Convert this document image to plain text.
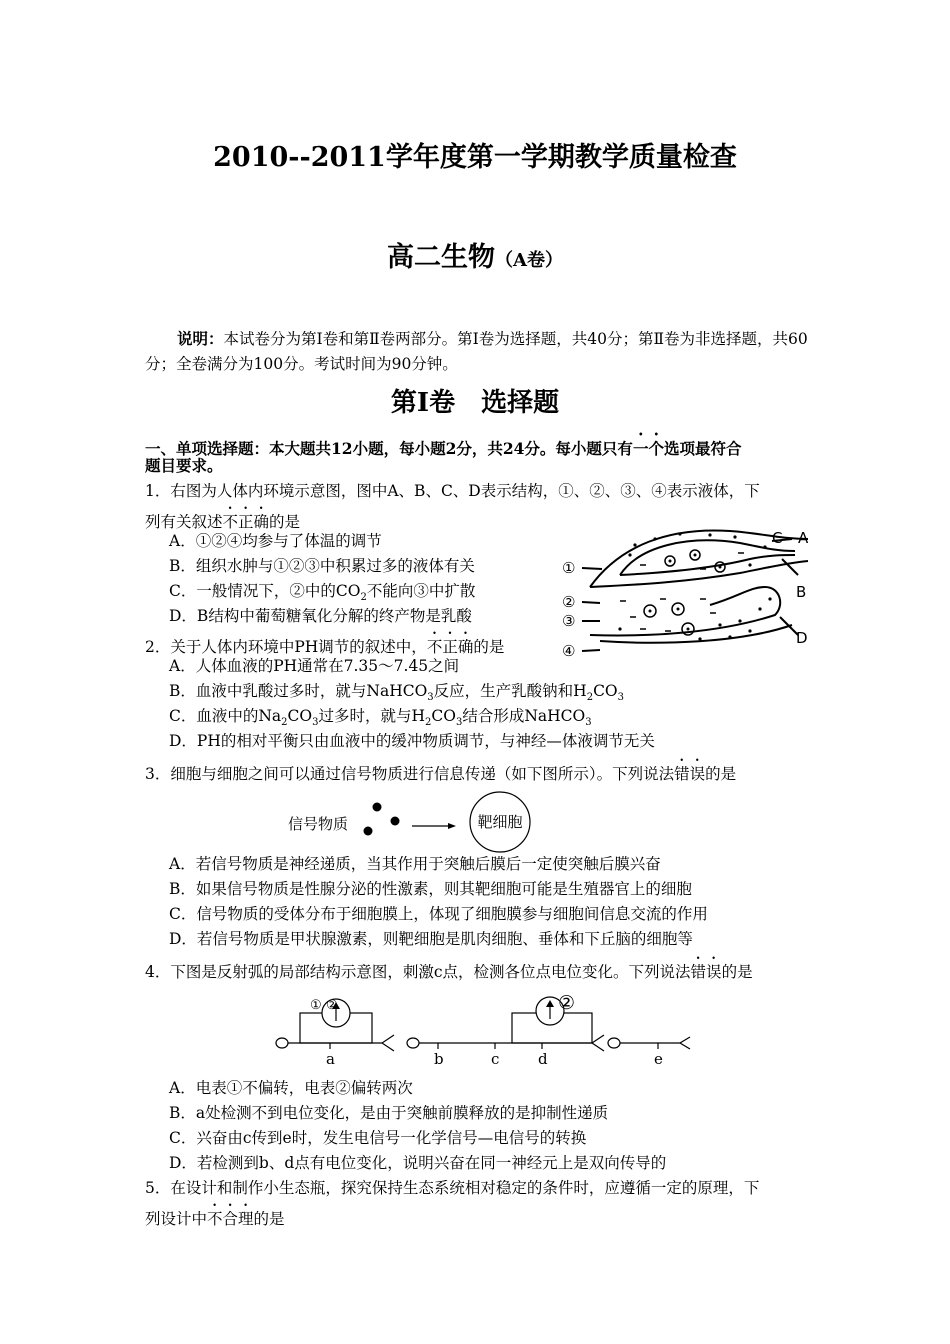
2010--2011学年度第一学期教学质量检查
高二生物（A卷）
说明：本试卷分为第Ⅰ卷和第Ⅱ卷两部分。第Ⅰ卷为选择题，共40分；第Ⅱ卷为非选择题，共60分；全卷满分为100分。考试时间为90分钟。
第Ⅰ卷　选择题
一、单项选择题：本大题共12小题，每小题2分，共24分。每小题只有一个选项最符合
题目要求。
1．右图为人体内环境示意图，图中A、B、C、D表示结构，①、②、③、④表示液体，下
列有关叙述不正确的是
A．①②④均参与了体温的调节
B．组织水肿与①②③中积累过多的液体有关
C．一般情况下，②中的$CO_2$不能向③中扩散
D．B结构中葡萄糖氧化分解的终产物是乳酸
①
②
③
④
C A
B
D
2．关于人体内环境中PH调节的叙述中，不正确的是
A．人体血液的PH通常在7.35～7.45之间
B．血液中乳酸过多时，就与NaHCO$_3$反应，生产乳酸钠和$H_2CO_3$
C．血液中的$Na_2CO_3$过多时，就与$H_2CO_3$结合形成NaHCO$_3$
D．PH的相对平衡只由血液中的缓冲物质调节，与神经—体液调节无关
3．细胞与细胞之间可以通过信号物质进行信息传递（如下图所示）。下列说法错误的是
信号物质	靶细胞
A．若信号物质是神经递质，当其作用于突触后膜后一定使突触后膜兴奋
B．如果信号物质是性腺分泌的性激素，则其靶细胞可能是生殖器官上的细胞
C．信号物质的受体分布于细胞膜上，体现了细胞膜参与细胞间信息交流的作用
D．若信号物质是甲状腺激素，则靶细胞是肌肉细胞、垂体和下丘脑的细胞等
4．下图是反射弧的局部结构示意图，刺激c点，检测各位点电位变化。下列说法错误的是
① ②	②
a	b	c	d	e
A．电表①不偏转，电表②偏转两次
B．a处检测不到电位变化，是由于突触前膜释放的是抑制性递质
C．兴奋由c传到e时，发生电信号一化学信号—电信号的转换
D．若检测到b、d点有电位变化，说明兴奋在同一神经元上是双向传导的
5．在设计和制作小生态瓶，探究保持生态系统相对稳定的条件时，应遵循一定的原理，下
列设计中不合理的是
